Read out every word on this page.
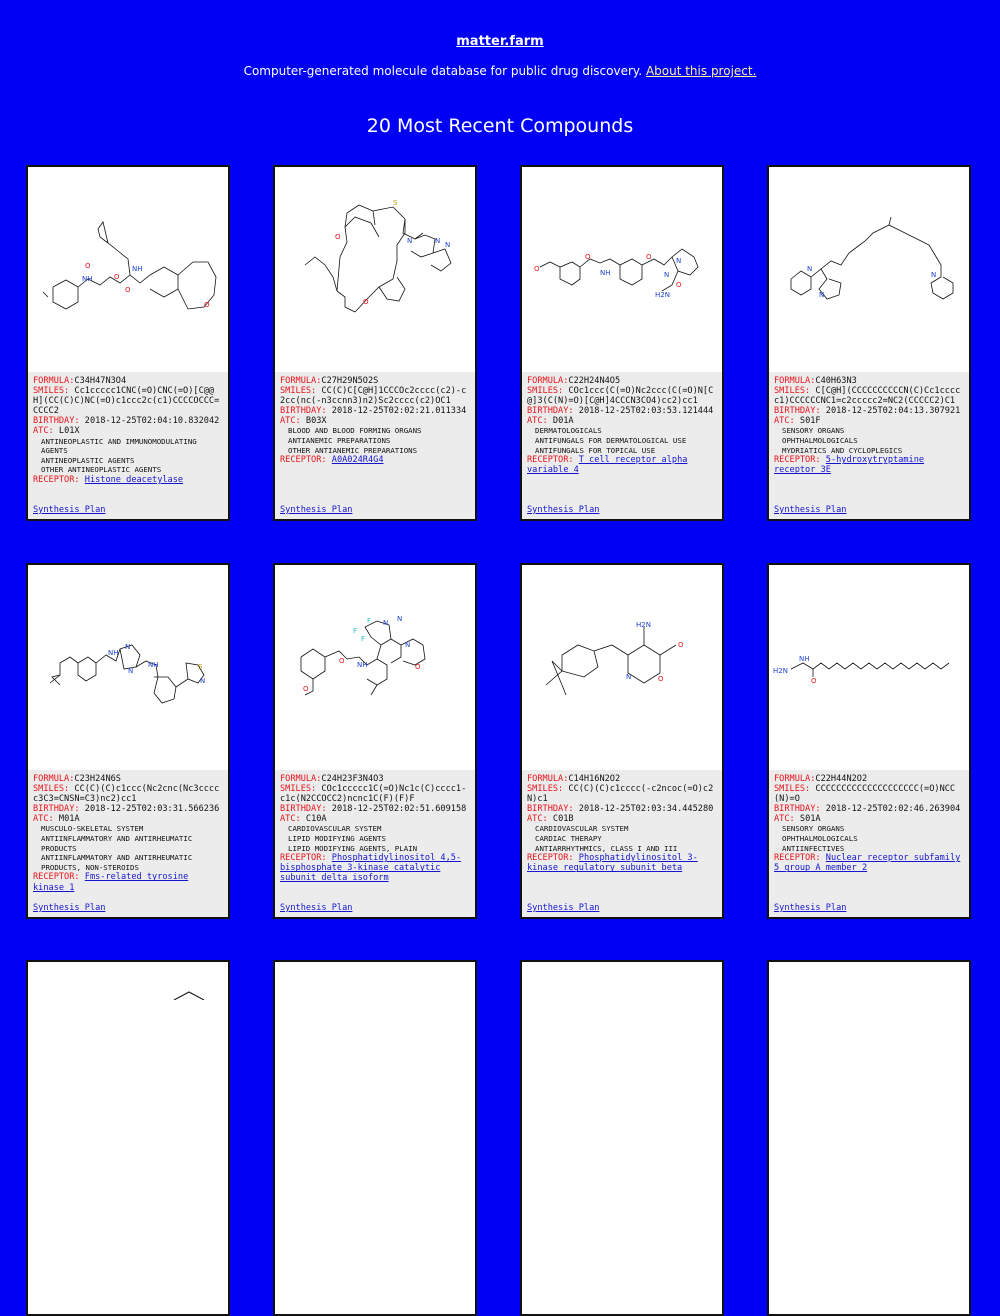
matter.farm
Computer-generated molecule database for public drug discovery. About this project.
20 Most Recent Compounds
NH
O
O
NH
O
O
FORMULA:C34H47N3O4
SMILES: Cc1ccccc1CNC(=O)CNC(=O)[C@@H](CC(C)C)NC(=O)c1ccc2c(c1)CCCCOCCC=CCCC2
BIRTHDAY: 2018-12-25T02:04:10.832042
ATC: L01X
ANTINEOPLASTIC AND IMMUNOMODULATING AGENTS
ANTINEOPLASTIC AGENTS
OTHER ANTINEOPLASTIC AGENTS
RECEPTOR: Histone deacetylase
Synthesis Plan
O
S
O
N	N N
FORMULA:C27H29N5O2S
SMILES: CC(C)C[C@H]1CCCOc2cccc(c2)-c2cc(nc(-n3ccnn3)n2)Sc2cccc(c2)OC1
BIRTHDAY: 2018-12-25T02:02:21.011334
ATC: B03X
BLOOD AND BLOOD FORMING ORGANS
ANTIANEMIC PREPARATIONS
OTHER ANTIANEMIC PREPARATIONS
RECEPTOR: A0A024R4G4
Synthesis Plan
O
O
NH
O
N
N
H2N
O
FORMULA:C22H24N4O5
SMILES: COc1ccc(C(=O)Nc2ccc(C(=O)N[C@]3(C(N)=O)[C@H]4CCCN3CO4)cc2)cc1
BIRTHDAY: 2018-12-25T02:03:53.121444
ATC: D01A
DERMATOLOGICALS
ANTIFUNGALS FOR DERMATOLOGICAL USE
ANTIFUNGALS FOR TOPICAL USE
RECEPTOR: T cell receptor alpha variable 4
Synthesis Plan
N
N
N
FORMULA:C40H63N3
SMILES: C[C@H](CCCCCCCCCCN(C)Cc1ccccc1)CCCCCCNC1=c2ccccc2=NC2(CCCCC2)C1
BIRTHDAY: 2018-12-25T02:04:13.307921
ATC: S01F
SENSORY ORGANS
OPHTHALMOLOGICALS
MYDRIATICS AND CYCLOPLEGICS
RECEPTOR: 5-hydroxytryptamine receptor 3E
Synthesis Plan
NH
N
N
NH	S
N
FORMULA:C23H24N6S
SMILES: CC(C)(C)c1ccc(Nc2cnc(Nc3ccccc3C3=CNSN=C3)nc2)cc1
BIRTHDAY: 2018-12-25T02:03:31.566236
ATC: M01A
MUSCULO-SKELETAL SYSTEM
ANTIINFLAMMATORY AND ANTIRHEUMATIC PRODUCTS
ANTIINFLAMMATORY AND ANTIRHEUMATIC PRODUCTS, NON-STEROIDS
RECEPTOR: Fms-related tyrosine kinase 1
Synthesis Plan
O
O NH
F
F
F N N
N
O
FORMULA:C24H23F3N4O3
SMILES: COc1ccccc1C(=O)Nc1c(C)cccc1-c1c(N2CCOCC2)ncnc1C(F)(F)F
BIRTHDAY: 2018-12-25T02:02:51.609158
ATC: C10A
CARDIOVASCULAR SYSTEM
LIPID MODIFYING AGENTS
LIPID MODIFYING AGENTS, PLAIN
RECEPTOR: Phosphatidylinositol 4,5-bisphosphate 3-kinase catalytic subunit delta isoform
Synthesis Plan
H2N
O
N	O
FORMULA:C14H16N2O2
SMILES: CC(C)(C)c1cccc(-c2ncoc(=O)c2N)c1
BIRTHDAY: 2018-12-25T02:03:34.445280
ATC: C01B
CARDIOVASCULAR SYSTEM
CARDIAC THERAPY
ANTIARRHYTHMICS, CLASS I AND III
RECEPTOR: Phosphatidylinositol 3-kinase regulatory subunit beta
Synthesis Plan
H2N
NH
O
FORMULA:C22H44N2O2
SMILES: CCCCCCCCCCCCCCCCCCCC(=O)NCC(N)=O
BIRTHDAY: 2018-12-25T02:02:46.263904
ATC: S01A
SENSORY ORGANS
OPHTHALMOLOGICALS
ANTIINFECTIVES
RECEPTOR: Nuclear receptor subfamily 5 group A member 2
Synthesis Plan
